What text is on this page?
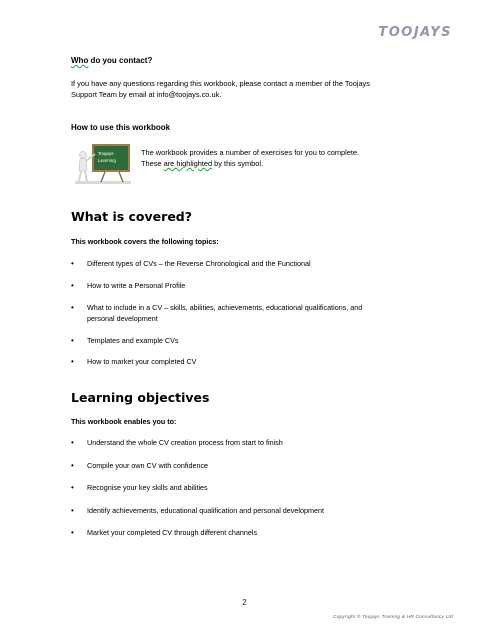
TOOJAYS
Who do you contact?
If you have any questions regarding this workbook, please contact a member of the Toojays
Support Team by email at info@toojays.co.uk.
How to use this workbook
Toojays
Learning
The workbook provides a number of exercises for you to complete.
These are highlighted by this symbol.
What is covered?
This workbook covers the following topics:
• Different types of CVs – the Reverse Chronological and the Functional
• How to write a Personal Profile
• What to include in a CV – skills, abilities, achievements, educational qualifications, and
personal development
• Templates and example CVs
• How to market your completed CV
Learning objectives
This workbook enables you to:
• Understand the whole CV creation process from start to finish
• Compile your own CV with confidence
• Recognise your key skills and abilities
• Identify achievements, educational qualification and personal development
• Market your completed CV through different channels
2
Copyright © Toojays Training & HR Consultancy Ltd
